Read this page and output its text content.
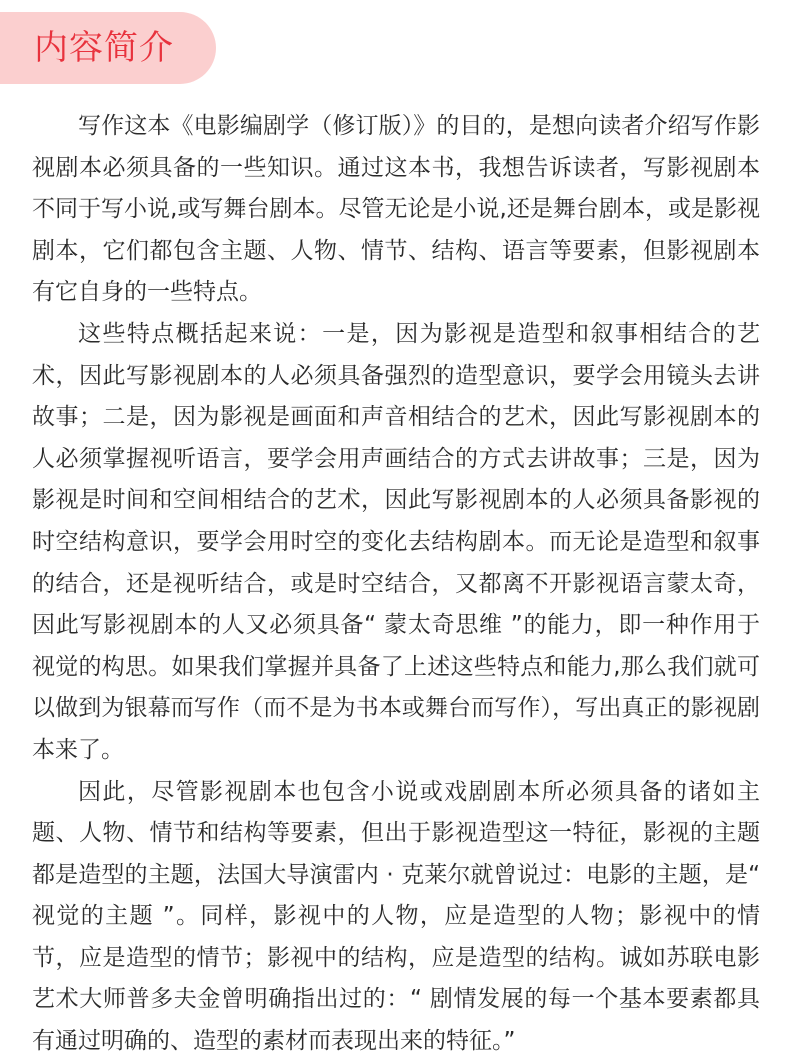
内容简介

写作这本《电影编剧学（修订版）》的目的，是想向读者介绍写作影视剧本必须具备的一些知识。通过这本书，我想告诉读者，写影视剧本不同于写小说,或写舞台剧本。尽管无论是小说,还是舞台剧本，或是影视剧本，它们都包含主题、人物、情节、结构、语言等要素，但影视剧本有它自身的一些特点。

这些特点概括起来说：一是，因为影视是造型和叙事相结合的艺术，因此写影视剧本的人必须具备强烈的造型意识，要学会用镜头去讲故事；二是，因为影视是画面和声音相结合的艺术，因此写影视剧本的人必须掌握视听语言，要学会用声画结合的方式去讲故事；三是，因为影视是时间和空间相结合的艺术，因此写影视剧本的人必须具备影视的时空结构意识，要学会用时空的变化去结构剧本。而无论是造型和叙事的结合，还是视听结合，或是时空结合，又都离不开影视语言蒙太奇，因此写影视剧本的人又必须具备“ 蒙太奇思维 ”的能力，即一种作用于视觉的构思。如果我们掌握并具备了上述这些特点和能力,那么我们就可以做到为银幕而写作（而不是为书本或舞台而写作），写出真正的影视剧本来了。

因此，尽管影视剧本也包含小说或戏剧剧本所必须具备的诸如主题、人物、情节和结构等要素，但出于影视造型这一特征，影视的主题都是造型的主题，法国大导演雷内 · 克莱尔就曾说过：电影的主题，是“ 视觉的主题 ”。同样，影视中的人物，应是造型的人物；影视中的情节，应是造型的情节；影视中的结构，应是造型的结构。诚如苏联电影艺术大师普多夫金曾明确指出过的：“ 剧情发展的每一个基本要素都具有通过明确的、造型的素材而表现出来的特征。”
